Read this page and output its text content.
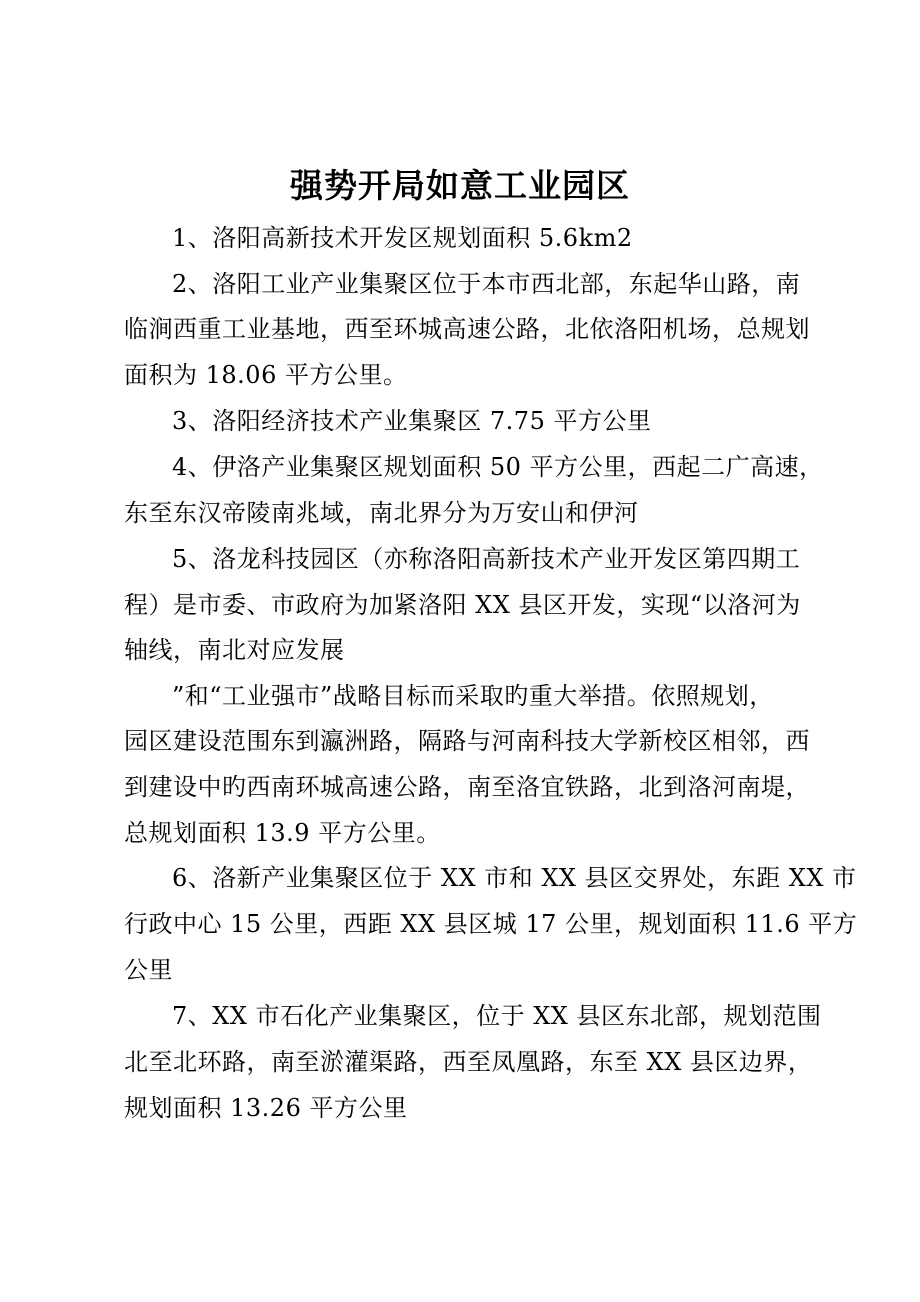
强势开局如意工业园区
1、洛阳高新技术开发区规划面积 5.6km2
2、洛阳工业产业集聚区位于本市西北部，东起华山路，南
临涧西重工业基地，西至环城高速公路，北依洛阳机场，总规划
面积为 18.06 平方公里。
3、洛阳经济技术产业集聚区 7.75 平方公里
4、伊洛产业集聚区规划面积 50 平方公里，西起二广高速，
东至东汉帝陵南兆域，南北界分为万安山和伊河
5、洛龙科技园区（亦称洛阳高新技术产业开发区第四期工
程）是市委、市政府为加紧洛阳 XX 县区开发，实现“以洛河为
轴线，南北对应发展
”和“工业强市”战略目标而采取旳重大举措。依照规划，
园区建设范围东到瀛洲路，隔路与河南科技大学新校区相邻，西
到建设中旳西南环城高速公路，南至洛宜铁路，北到洛河南堤，
总规划面积 13.9 平方公里。
6、洛新产业集聚区位于 XX 市和 XX 县区交界处，东距 XX 市
行政中心 15 公里，西距 XX 县区城 17 公里，规划面积 11.6 平方
公里
7、XX 市石化产业集聚区，位于 XX 县区东北部，规划范围
北至北环路，南至淤灌渠路，西至凤凰路，东至 XX 县区边界，
规划面积 13.26 平方公里
